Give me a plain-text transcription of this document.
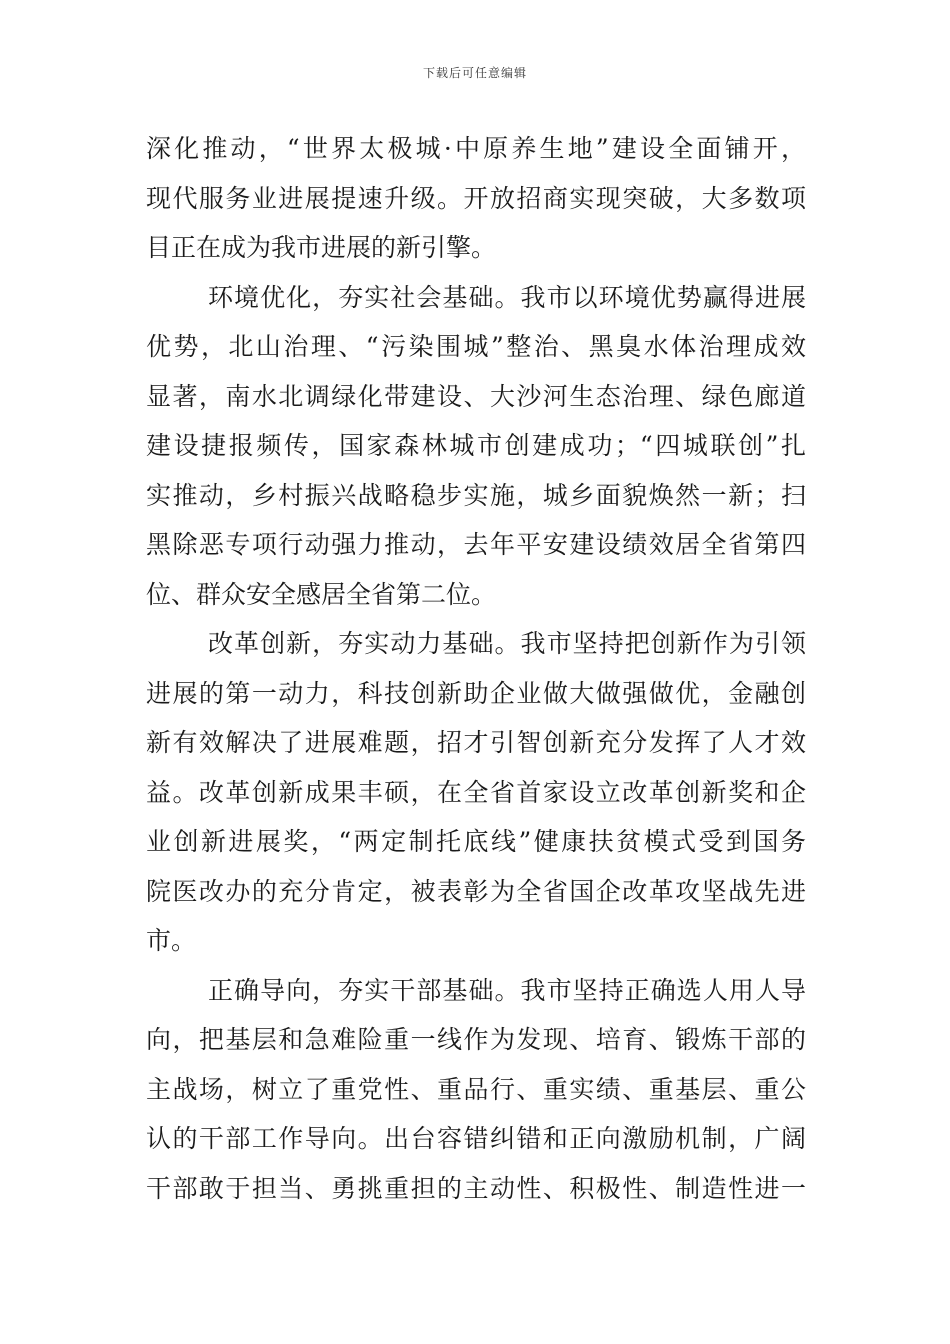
下载后可任意编辑
深化推动，“世界太极城·中原养生地”建设全面铺开，
现代服务业进展提速升级。开放招商实现突破，大多数项
目正在成为我市进展的新引擎。
环境优化，夯实社会基础。我市以环境优势赢得进展
优势，北山治理、“污染围城”整治、黑臭水体治理成效
显著，南水北调绿化带建设、大沙河生态治理、绿色廊道
建设捷报频传，国家森林城市创建成功；“四城联创”扎
实推动，乡村振兴战略稳步实施，城乡面貌焕然一新；扫
黑除恶专项行动强力推动，去年平安建设绩效居全省第四
位、群众安全感居全省第二位。
改革创新，夯实动力基础。我市坚持把创新作为引领
进展的第一动力，科技创新助企业做大做强做优，金融创
新有效解决了进展难题，招才引智创新充分发挥了人才效
益。改革创新成果丰硕，在全省首家设立改革创新奖和企
业创新进展奖，“两定制托底线”健康扶贫模式受到国务
院医改办的充分肯定，被表彰为全省国企改革攻坚战先进
市。
正确导向，夯实干部基础。我市坚持正确选人用人导
向，把基层和急难险重一线作为发现、培育、锻炼干部的
主战场，树立了重党性、重品行、重实绩、重基层、重公
认的干部工作导向。出台容错纠错和正向激励机制，广阔
干部敢于担当、勇挑重担的主动性、积极性、制造性进一
